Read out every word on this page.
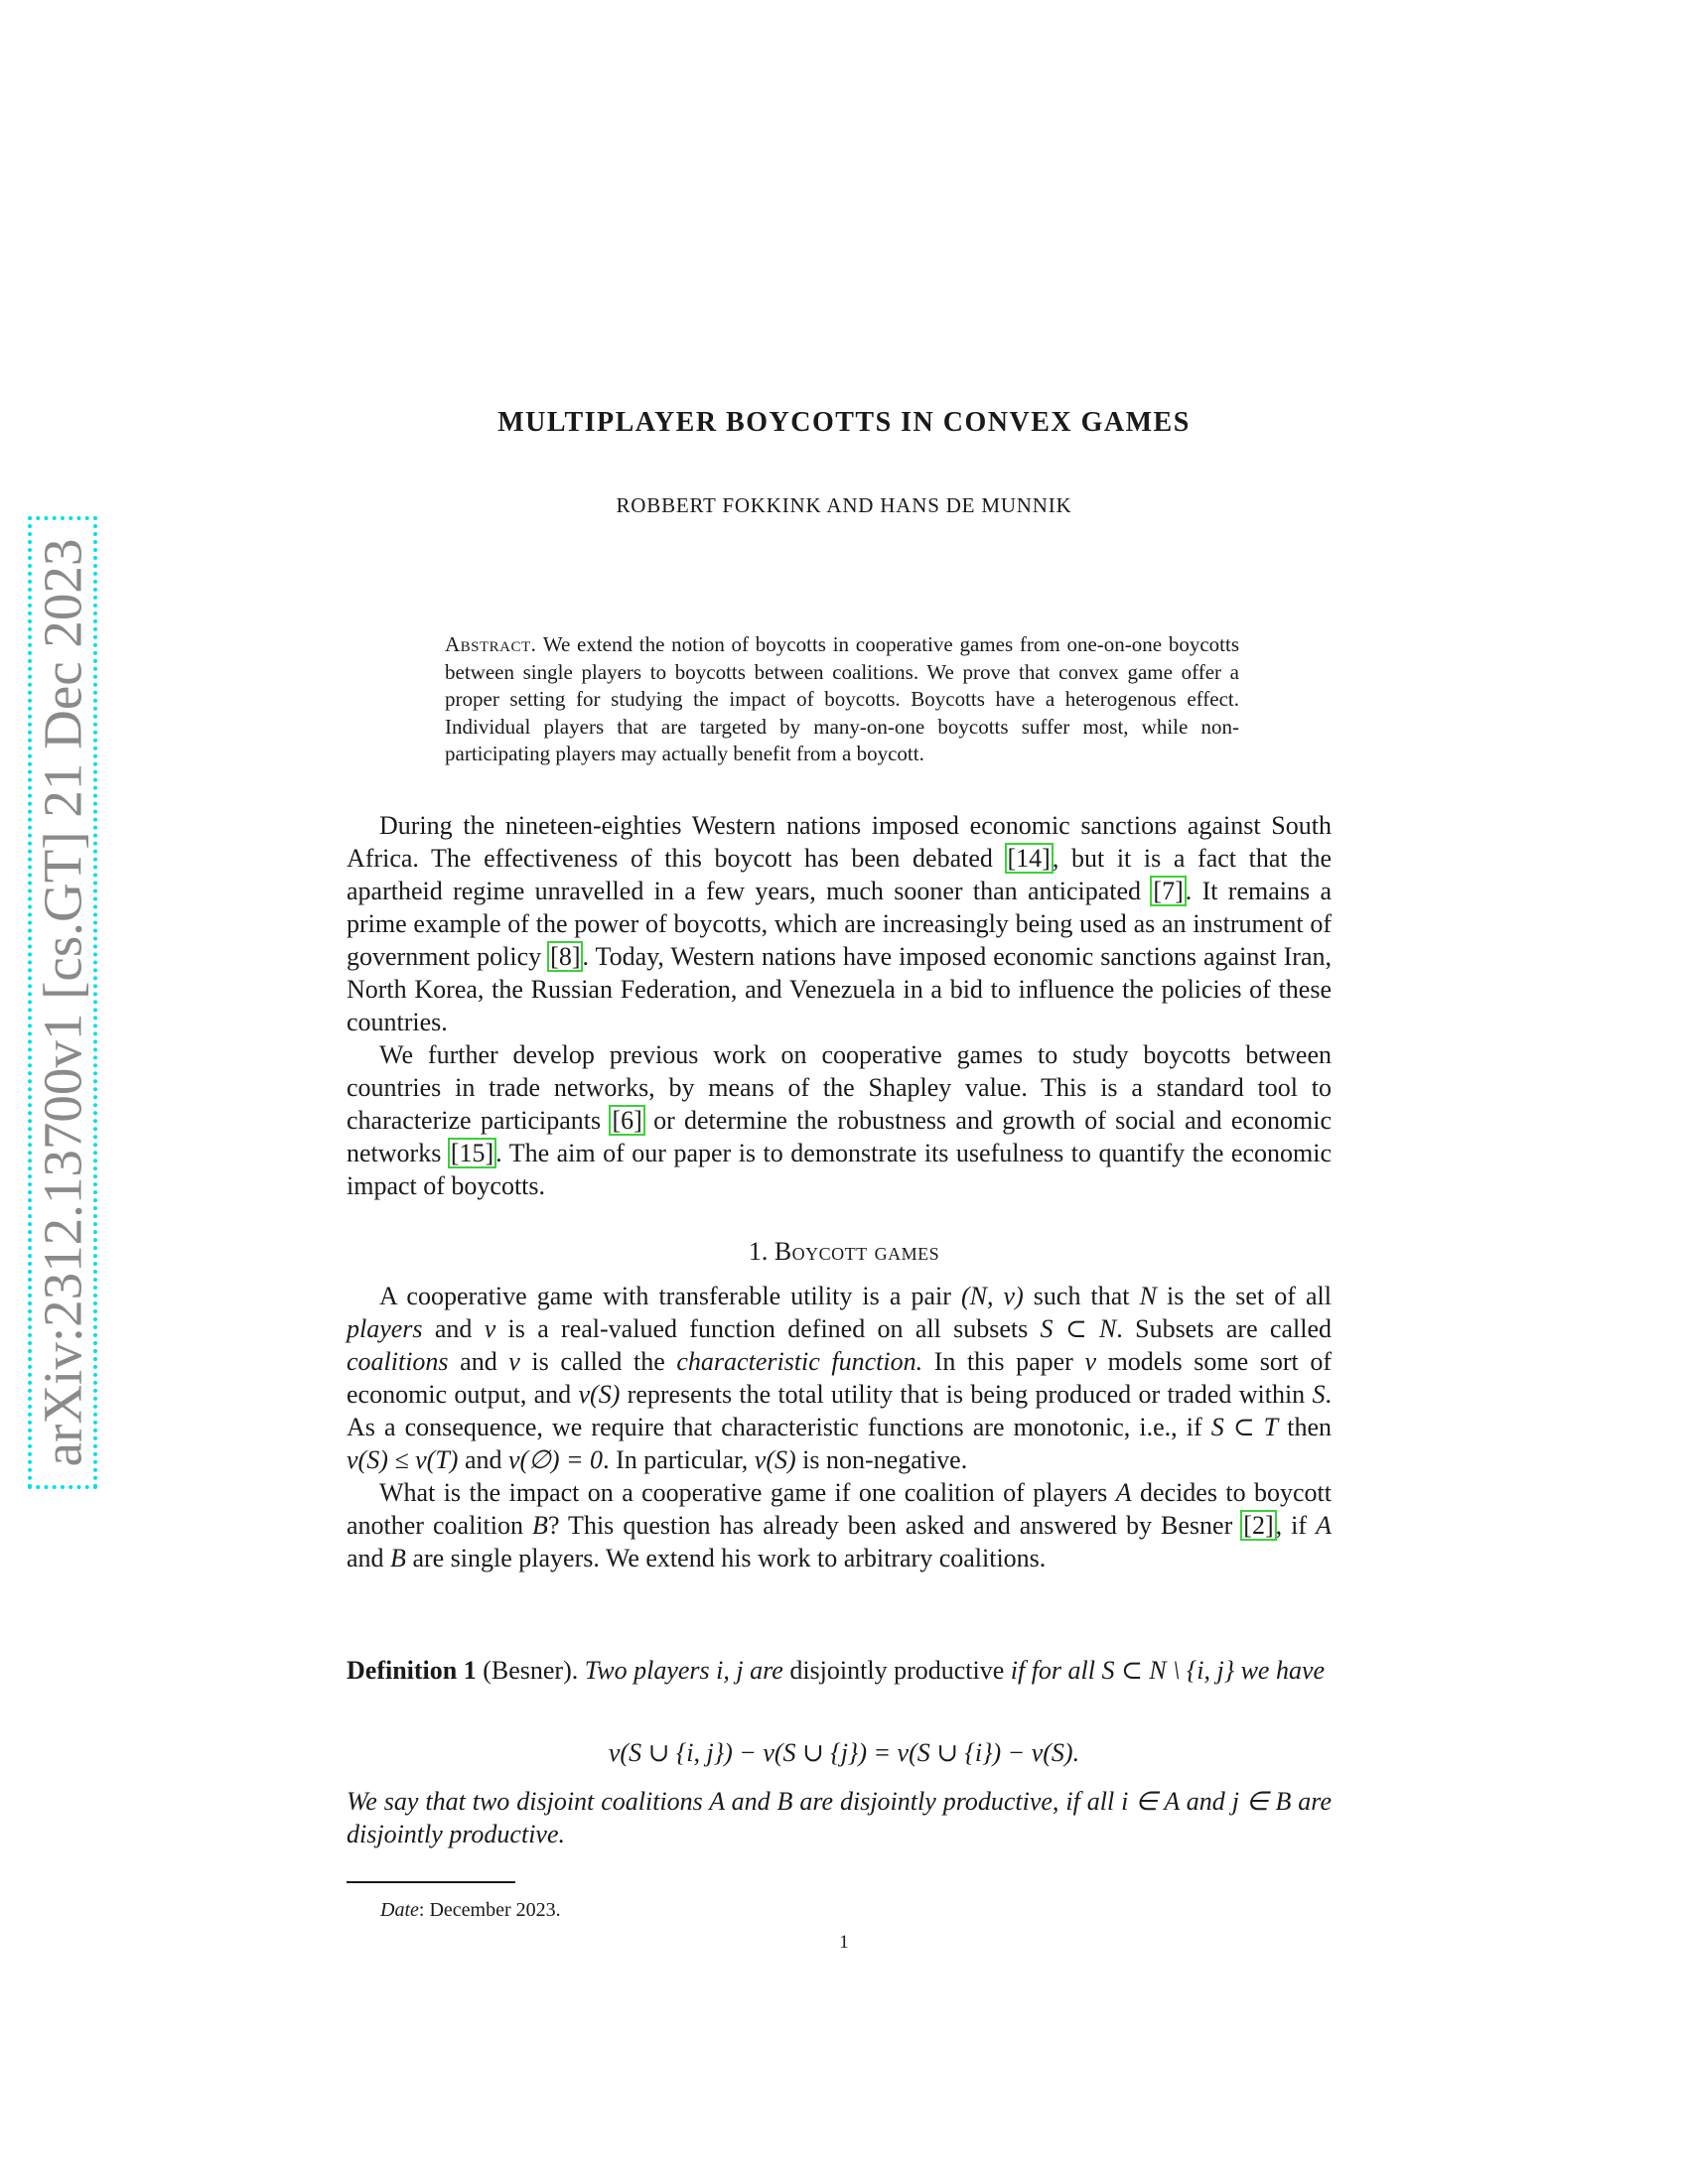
arXiv:2312.13700v1 [cs.GT] 21 Dec 2023
MULTIPLAYER BOYCOTTS IN CONVEX GAMES
ROBBERT FOKKINK AND HANS DE MUNNIK
Abstract. We extend the notion of boycotts in cooperative games from one-on-one boycotts between single players to boycotts between coalitions. We prove that convex game offer a proper setting for studying the impact of boycotts. Boycotts have a heterogenous effect. Individual players that are targeted by many-on-one boycotts suffer most, while non-participating players may actually benefit from a boycott.

During the nineteen-eighties Western nations imposed economic sanctions against South Africa. The effectiveness of this boycott has been debated [14], but it is a fact that the apartheid regime unravelled in a few years, much sooner than anticipated [7]. It remains a prime example of the power of boycotts, which are increasingly being used as an instrument of government policy [8]. Today, Western nations have imposed economic sanctions against Iran, North Korea, the Russian Federation, and Venezuela in a bid to influence the policies of these countries.

We further develop previous work on cooperative games to study boycotts between countries in trade networks, by means of the Shapley value. This is a standard tool to characterize participants [6] or determine the robustness and growth of social and economic networks [15]. The aim of our paper is to demonstrate its usefulness to quantify the economic impact of boycotts.

1. Boycott games

A cooperative game with transferable utility is a pair (N, v) such that N is the set of all players and v is a real-valued function defined on all subsets S ⊂ N. Subsets are called coalitions and v is called the characteristic function. In this paper v models some sort of economic output, and v(S) represents the total utility that is being produced or traded within S. As a consequence, we require that characteristic functions are monotonic, i.e., if S ⊂ T then v(S) ≤ v(T) and v(∅) = 0. In particular, v(S) is non-negative.

What is the impact on a cooperative game if one coalition of players A decides to boycott another coalition B? This question has already been asked and answered by Besner [2], if A and B are single players. We extend his work to arbitrary coalitions.

Definition 1 (Besner). Two players i, j are disjointly productive if for all S ⊂ N \ {i, j} we have

v(S ∪ {i, j}) − v(S ∪ {j}) = v(S ∪ {i}) − v(S).

We say that two disjoint coalitions A and B are disjointly productive, if all i ∈ A and j ∈ B are disjointly productive.

Date: December 2023.
1
